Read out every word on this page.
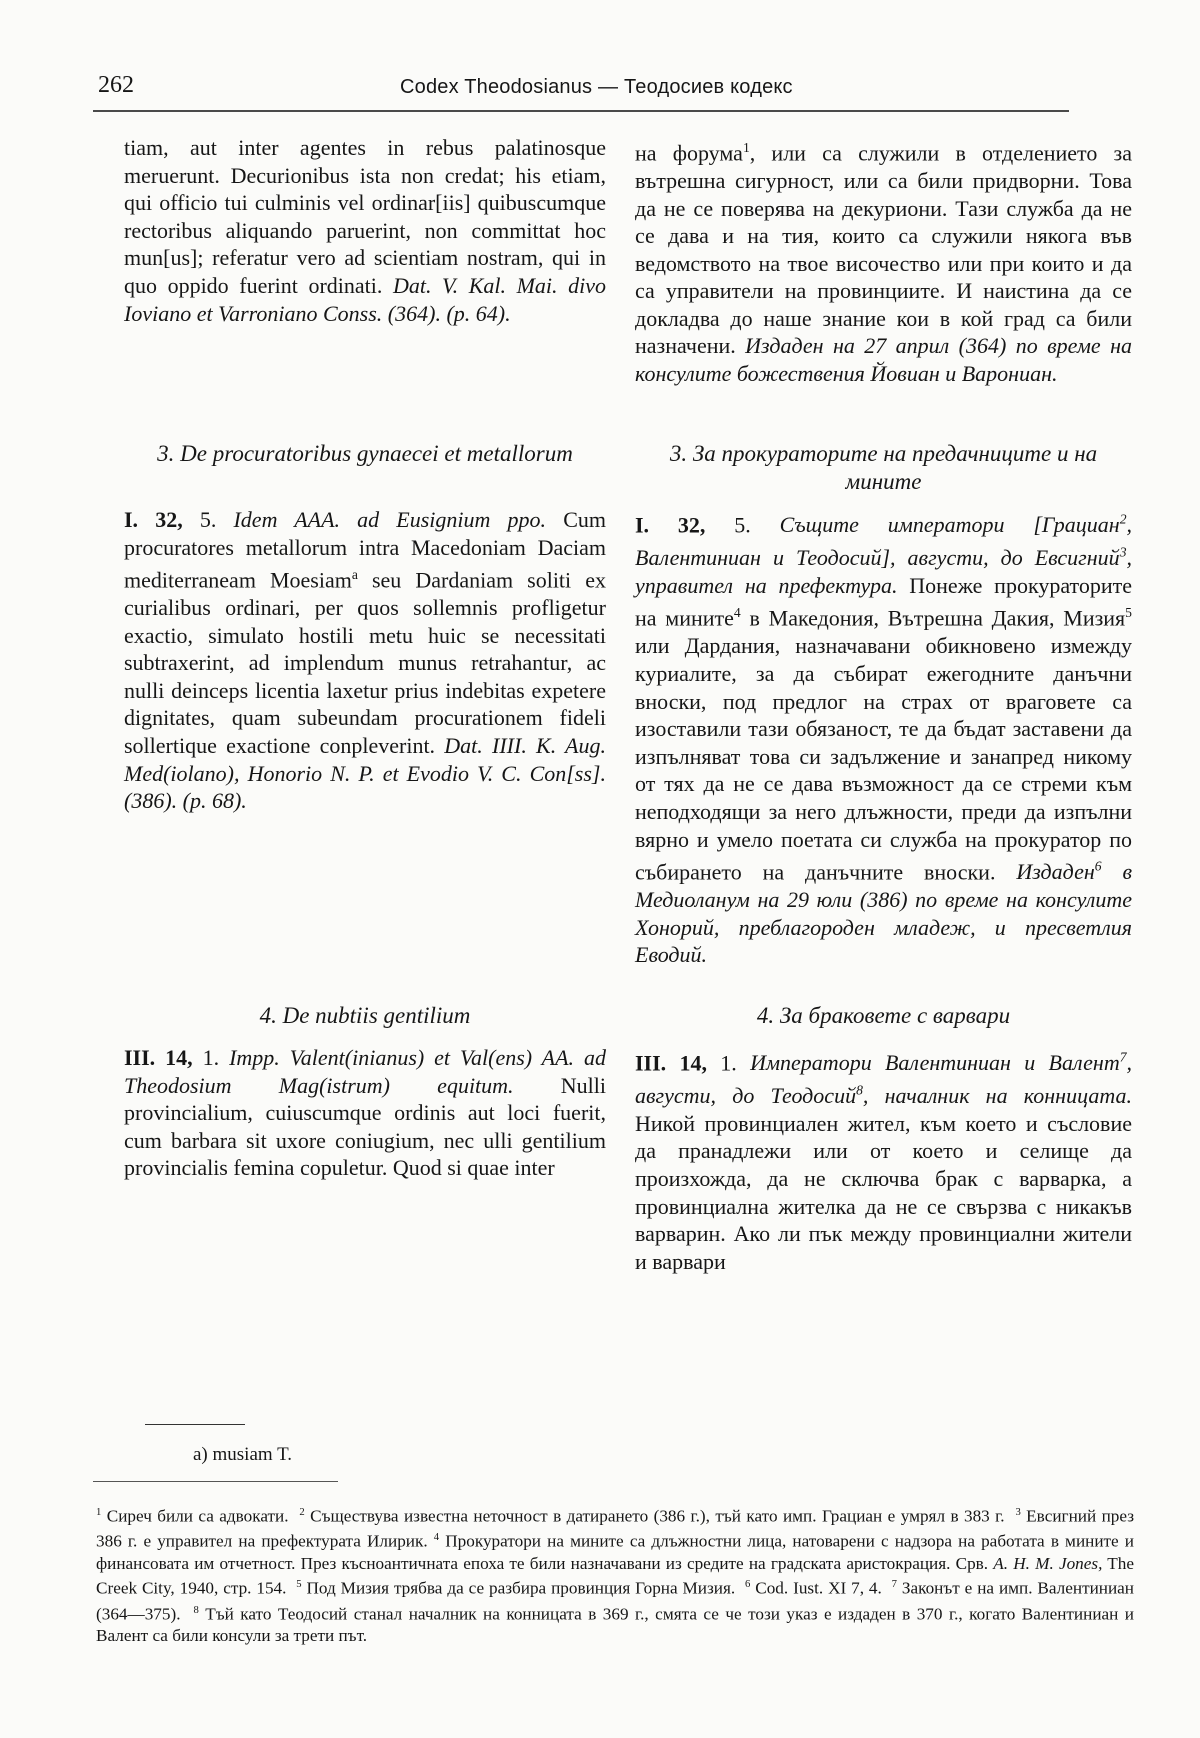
262	Codex Theodosianus — Теодосиев кодекс

tiam, aut inter agentes in rebus palatinosque meruerunt. Decurionibus ista non credat; his etiam, qui officio tui culminis vel ordinar[iis] quibuscumque rectoribus aliquando paruerint, non committat hoc mun[us]; referatur vero ad scientiam nostram, qui in quo oppido fuerint ordinati. Dat. V. Kal. Mai. divo Ioviano et Varroniano Conss. (364). (p. 64).

3. De procuratoribus gynaecei et metallorum

I. 32, 5. Idem AAA. ad Eusignium ppo. Cum procuratores metallorum intra Macedoniam Daciam mediterraneam Moesiam$^a$ seu Dardaniam soliti ex curialibus ordinari, per quos sollemnis profligetur exactio, simulato hostili metu huic se necessitati subtraxerint, ad implendum munus retrahantur, ac nulli deinceps licentia laxetur prius indebitas expetere dignitates, quam subeundam procurationem fideli sollertique exactione conpleverint. Dat. IIII. K. Aug. Med(iolano), Honorio N. P. et Evodio V. C. Con[ss]. (386). (p. 68).

4. De nubtiis gentilium

III. 14, 1. Impp. Valent(inianus) et Val(ens) AA. ad Theodosium Mag(istrum) equitum. Nulli provincialium, cuiuscumque ordinis aut loci fuerit, cum barbara sit uxore coniugium, nec ulli gentilium provincialis femina copuletur. Quod si quae inter

на форума$^1$, или са служили в отделението за вътрешна сигурност, или са били придворни. Това да не се поверява на декуриони. Тази служба да не се дава и на тия, които са служили някога във ведомството на твое височество или при които и да са управители на провинциите. И наистина да се докладва до наше знание кои в кой град са били назначени. Издаден на 27 април (364) по време на консулите божествения Йовиан и Варониан.

3. За прокураторите на предачниците и на мините

I. 32, 5. Същите императори [Грациан$^2$, Валентиниан и Теодосий], августи, до Евсигний$^3$, управител на префектура. Понеже прокураторите на мините$^4$ в Македония, Вътрешна Дакия, Мизия$^5$ или Дардания, назначавани обикновено измежду куриалите, за да събират ежегодните данъчни вноски, под предлог на страх от враговете са изоставили тази обязаност, те да бъдат заставени да изпълняват това си задължение и занапред никому от тях да не се дава възможност да се стреми към неподходящи за него длъжности, преди да изпълни вярно и умело поетата си служба на прокуратор по събирането на данъчните вноски. Издаден$^6$ в Медиоланум на 29 юли (386) по време на консулите Хонорий, преблагороден младеж, и пресветлия Еводий.

4. За браковете с варвари

III. 14, 1. Императори Валентиниан и Валент$^7$, августи, до Теодосий$^8$, началник на конницата. Никой провинциален жител, към което и съсловие да пранадлежи или от което и селище да произхожда, да не сключва брак с варварка, а провинциална жителка да не се свързва с никакъв варварин. Ако ли пък между провинциални жители и варвари

a) musiam T.
$^1$ Сиреч били са адвокати. $^2$ Съществува известна неточност в датирането (386 г.), тъй като имп. Грациан е умрял в 383 г. $^3$ Евсигний през 386 г. е управител на префектурата Илирик. $^4$ Прокуратори на мините са длъжностни лица, натоварени с надзора на работата в мините и финансовата им отчетност. През късноантичната епоха те били назначавани из средите на градската аристокрация. Срв. A. H. M. Jones, The Creek City, 1940, стр. 154. $^5$ Под Мизия трябва да се разбира провинция Горна Мизия. $^6$ Cod. Iust. XI 7, 4. $^7$ Законът е на имп. Валентиниан (364—375). $^8$ Тъй като Теодосий станал началник на конницата в 369 г., смята се че този указ е издаден в 370 г., когато Валентиниан и Валент са били консули за трети път.
